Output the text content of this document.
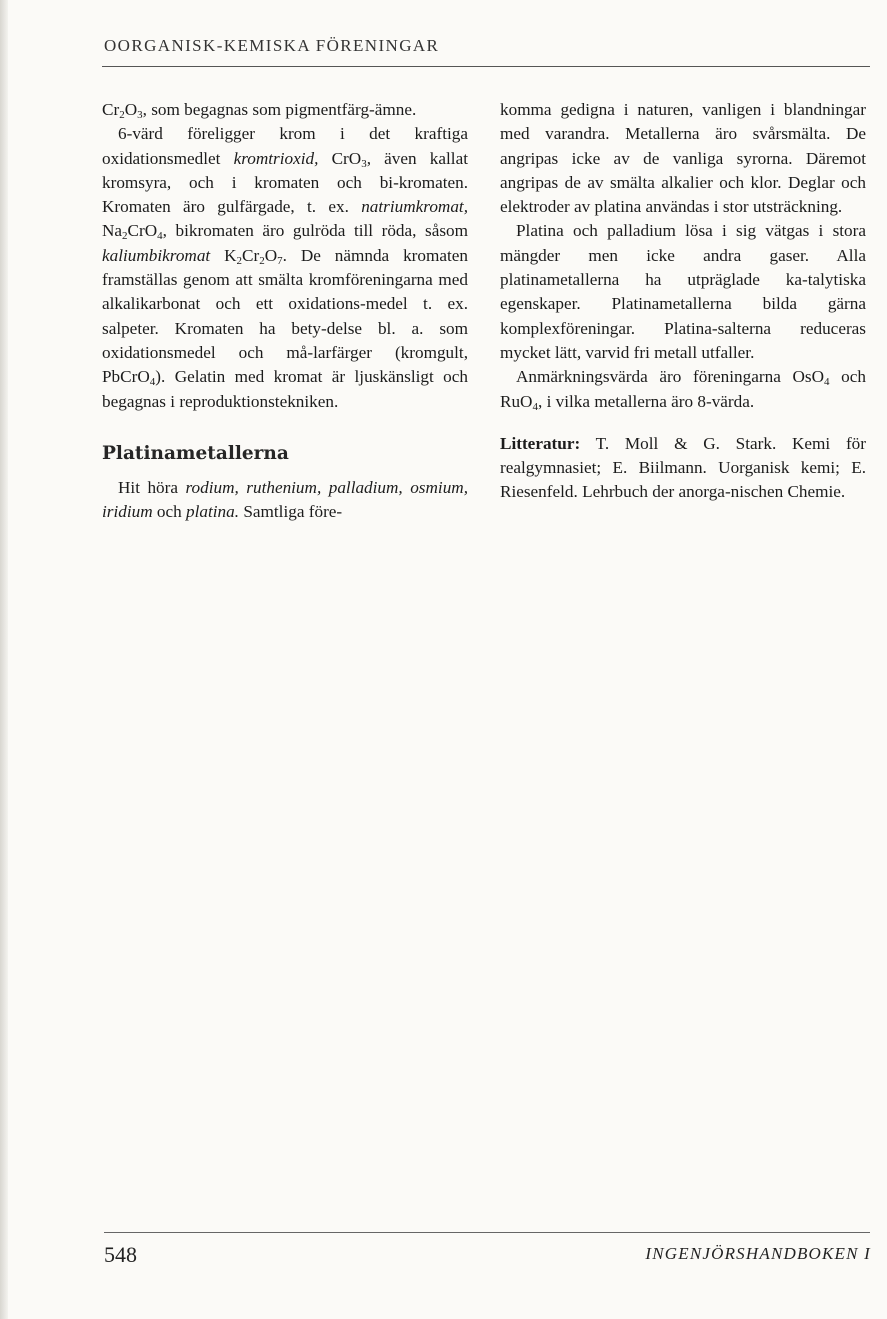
OORGANISK-KEMISKA FÖRENINGAR

$Cr_2O_3$, som begagnas som pigmentfärg-ämne.

6-värd föreligger krom i det kraftiga oxidationsmedlet kromtrioxid, CrO$_3$, även kallat kromsyra, och i kromaten och bi-kromaten. Kromaten äro gulfärgade, t. ex. natriumkromat, $Na_2CrO_4$, bikromaten äro gulröda till röda, såsom kaliumbikromat $K_2Cr_2O_7$. De nämnda kromaten framställas genom att smälta kromföreningarna med alkalikarbonat och ett oxidations-medel t. ex. salpeter. Kromaten ha bety-delse bl. a. som oxidationsmedel och må-larfärger (kromgult, PbCrO$_4$). Gelatin med kromat är ljuskänsligt och begagnas i reproduktionstekniken.

Platinametallerna

Hit höra rodium, ruthenium, palladium, osmium, iridium och platina. Samtliga före-

komma gedigna i naturen, vanligen i blandningar med varandra. Metallerna äro svårsmälta. De angripas icke av de vanliga syrorna. Däremot angripas de av smälta alkalier och klor. Deglar och elektroder av platina användas i stor utsträckning.

Platina och palladium lösa i sig vätgas i stora mängder men icke andra gaser. Alla platinametallerna ha utpräglade ka-talytiska egenskaper. Platinametallerna bilda gärna komplexföreningar. Platina-salterna reduceras mycket lätt, varvid fri metall utfaller.

Anmärkningsvärda äro föreningarna OsO$_4$ och RuO$_4$, i vilka metallerna äro 8-värda.

Litteratur: T. Moll & G. Stark. Kemi för realgymnasiet; E. Biilmann. Uorganisk kemi; E. Riesenfeld. Lehrbuch der anorga-nischen Chemie.

548	INGENJÖRSHANDBOKEN I
